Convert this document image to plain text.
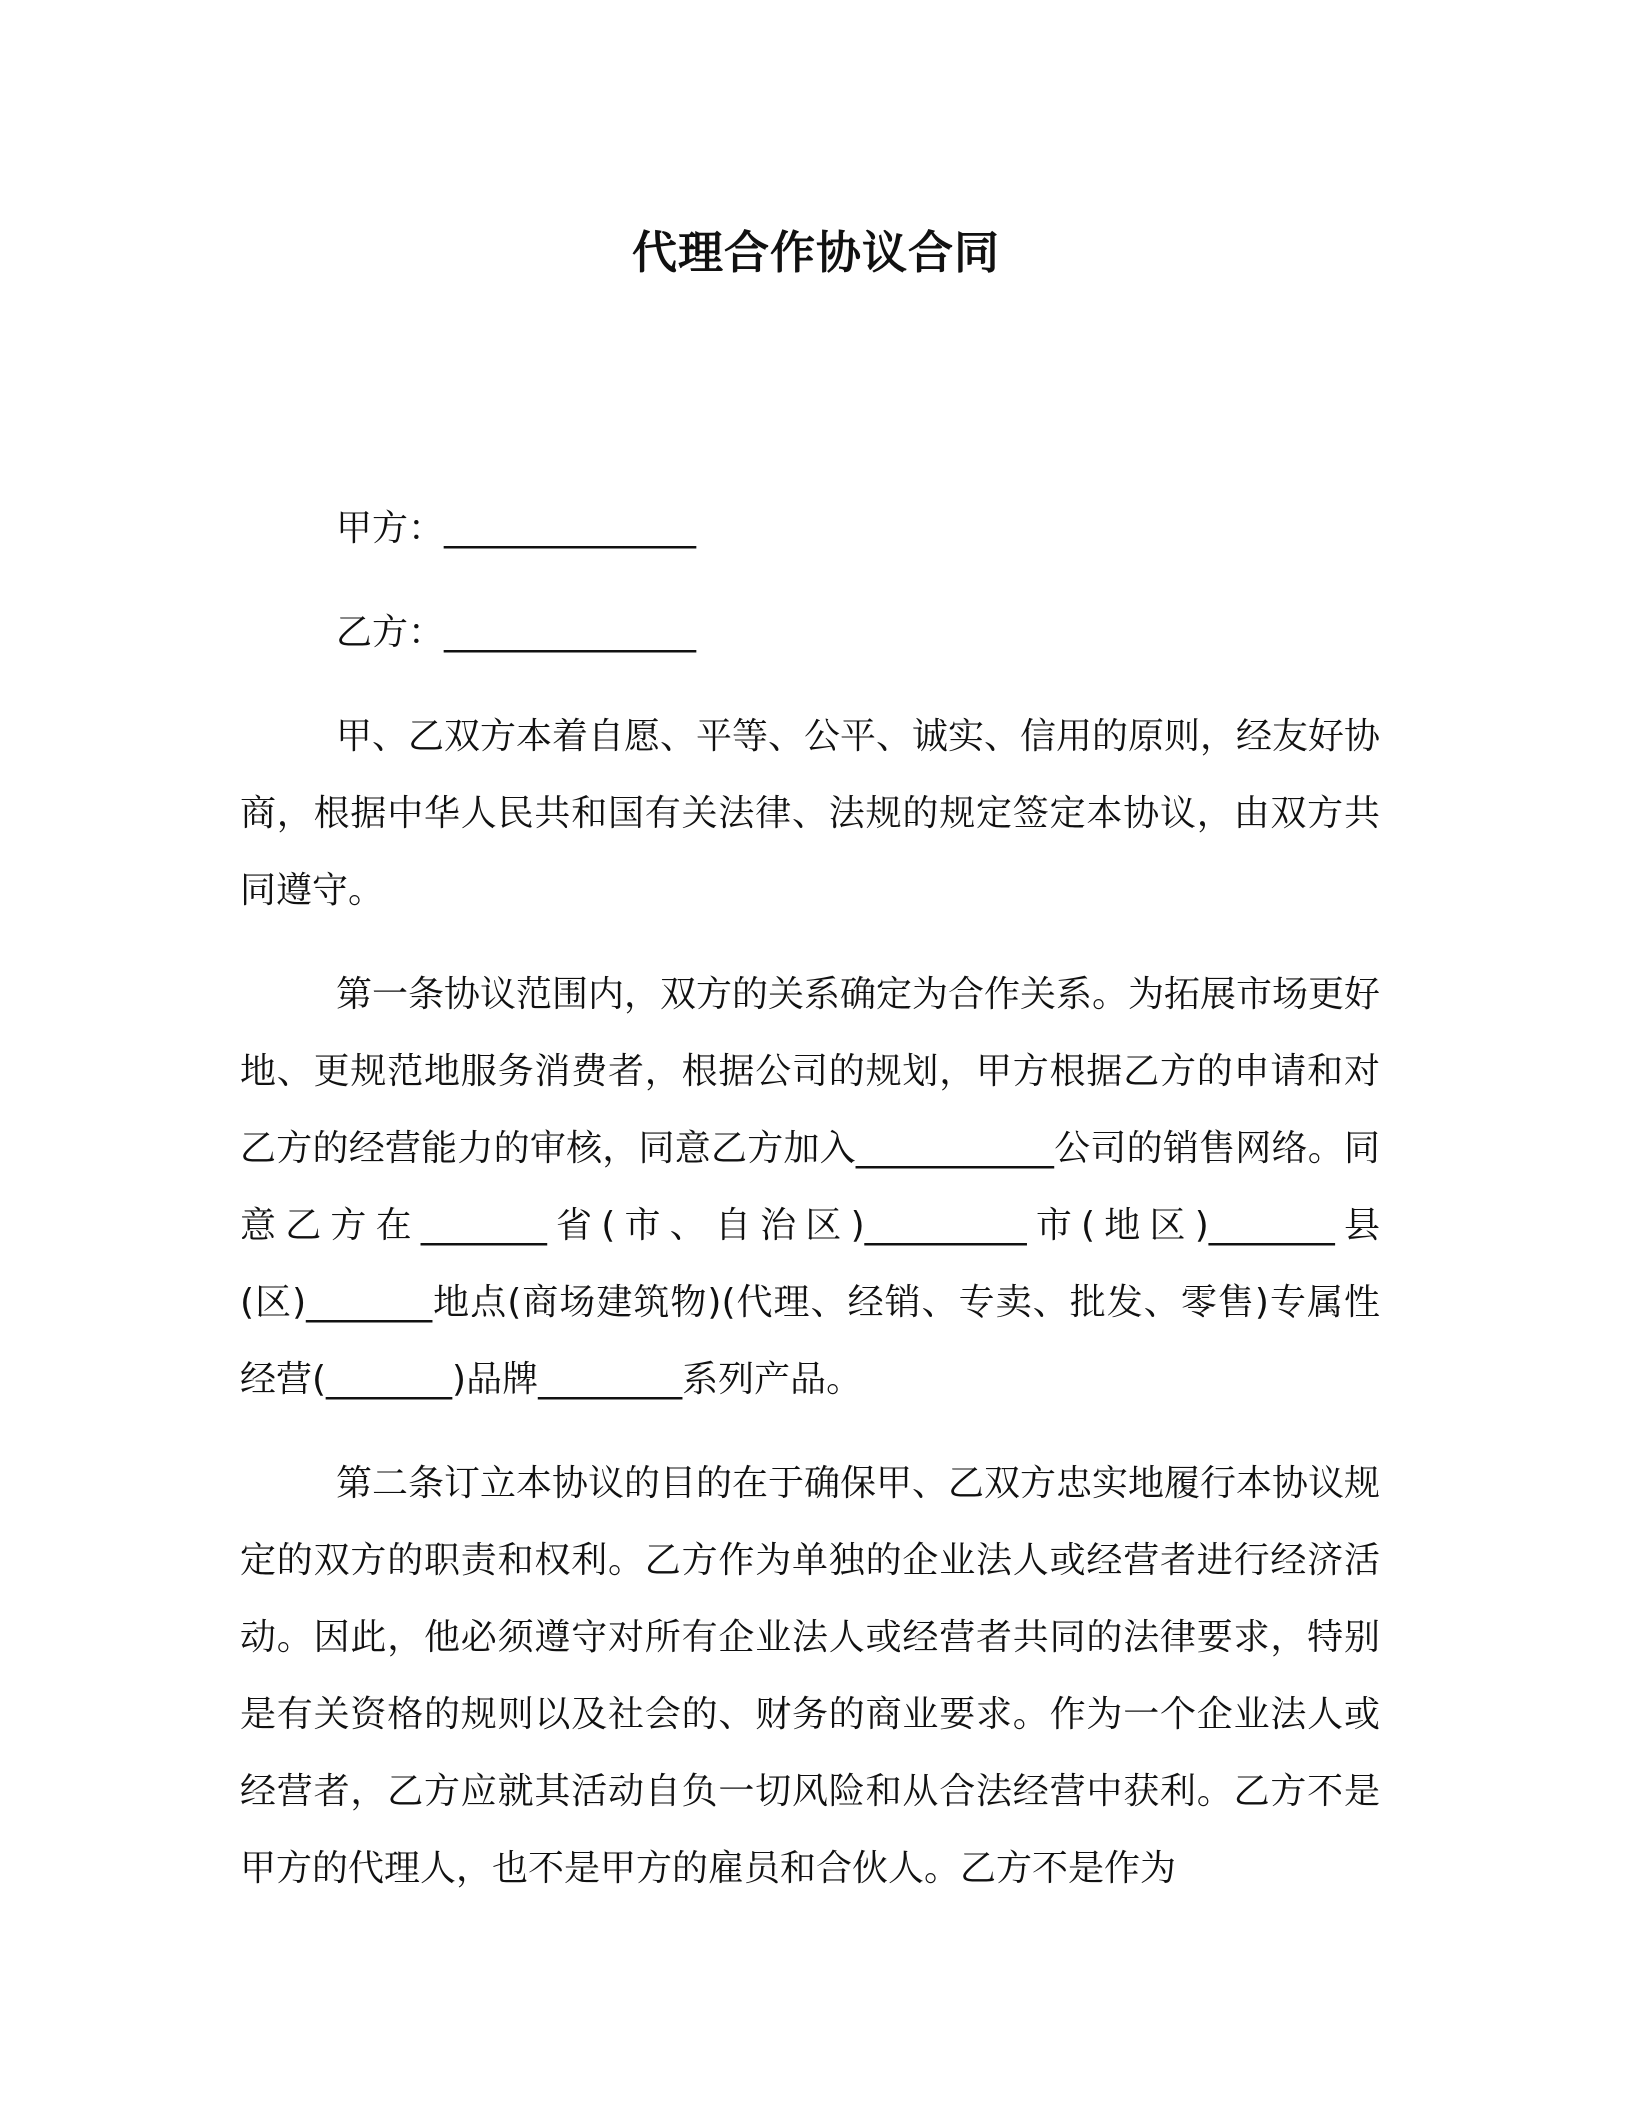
代理合作协议合同

甲方：______________

乙方：______________

甲、乙双方本着自愿、平等、公平、诚实、信用的原则，经友好协商，根据中华人民共和国有关法律、法规的规定签定本协议，由双方共同遵守。

第一条协议范围内，双方的关系确定为合作关系。为拓展市场更好地、更规范地服务消费者，根据公司的规划，甲方根据乙方的申请和对乙方的经营能力的审核，同意乙方加入___________公司的销售网络。同意乙方在_______省(市、自治区)_________市(地区)_______县(区)_______地点(商场建筑物)(代理、经销、专卖、批发、零售)专属性经营(_______)品牌________系列产品。

第二条订立本协议的目的在于确保甲、乙双方忠实地履行本协议规定的双方的职责和权利。乙方作为单独的企业法人或经营者进行经济活动。因此，他必须遵守对所有企业法人或经营者共同的法律要求，特别是有关资格的规则以及社会的、财务的商业要求。作为一个企业法人或经营者，乙方应就其活动自负一切风险和从合法经营中获利。乙方不是甲方的代理人，也不是甲方的雇员和合伙人。乙方不是作为
